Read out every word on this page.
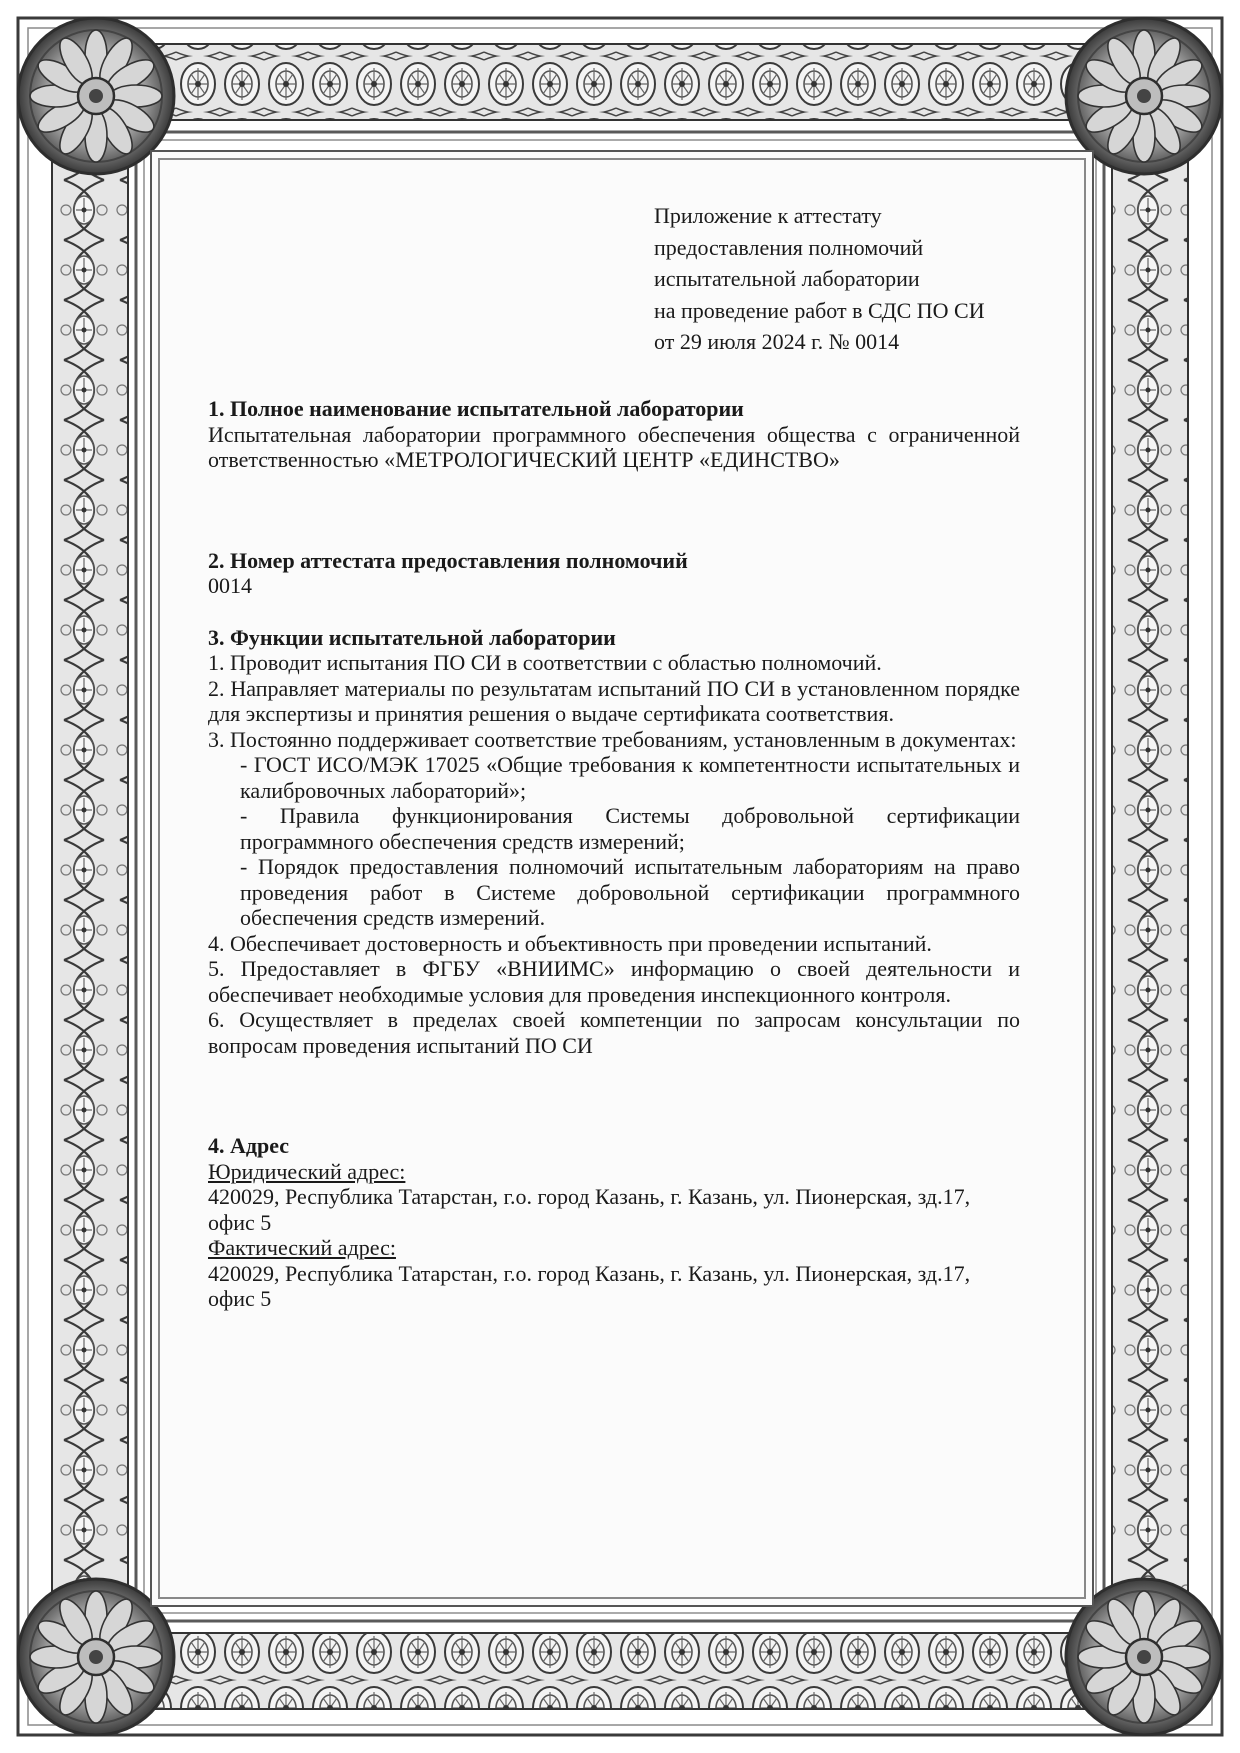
Приложение к аттестату
предоставления полномочий
испытательной лаборатории
на проведение работ в СДС ПО СИ
от 29 июля 2024 г. № 0014
1. Полное наименование испытательной лаборатории
Испытательная лаборатории программного обеспечения общества с ограниченной ответственностью «МЕТРОЛОГИЧЕСКИЙ ЦЕНТР «ЕДИНСТВО»
2. Номер аттестата предоставления полномочий
0014
3. Функции испытательной лаборатории
1. Проводит испытания ПО СИ в соответствии с областью полномочий.
2. Направляет материалы по результатам испытаний ПО СИ в установленном порядке для экспертизы и принятия решения о выдаче сертификата соответствия.
3. Постоянно поддерживает соответствие требованиям, установленным в документах:
- ГОСТ ИСО/МЭК 17025 «Общие требования к компетентности испытательных и калибровочных лабораторий»;
- Правила функционирования Системы добровольной сертификации программного обеспечения средств измерений;
- Порядок предоставления полномочий испытательным лабораториям на право проведения работ в Системе добровольной сертификации программного обеспечения средств измерений.
4. Обеспечивает достоверность и объективность при проведении испытаний.
5. Предоставляет в ФГБУ «ВНИИМС» информацию о своей деятельности и обеспечивает необходимые условия для проведения инспекционного контроля.
6. Осуществляет в пределах своей компетенции по запросам консультации по вопросам проведения испытаний ПО СИ
4. Адрес
Юридический адрес:
420029, Республика Татарстан, г.о. город Казань, г. Казань, ул. Пионерская, зд.17, офис 5
Фактический адрес:
420029, Республика Татарстан, г.о. город Казань, г. Казань, ул. Пионерская, зд.17, офис 5
